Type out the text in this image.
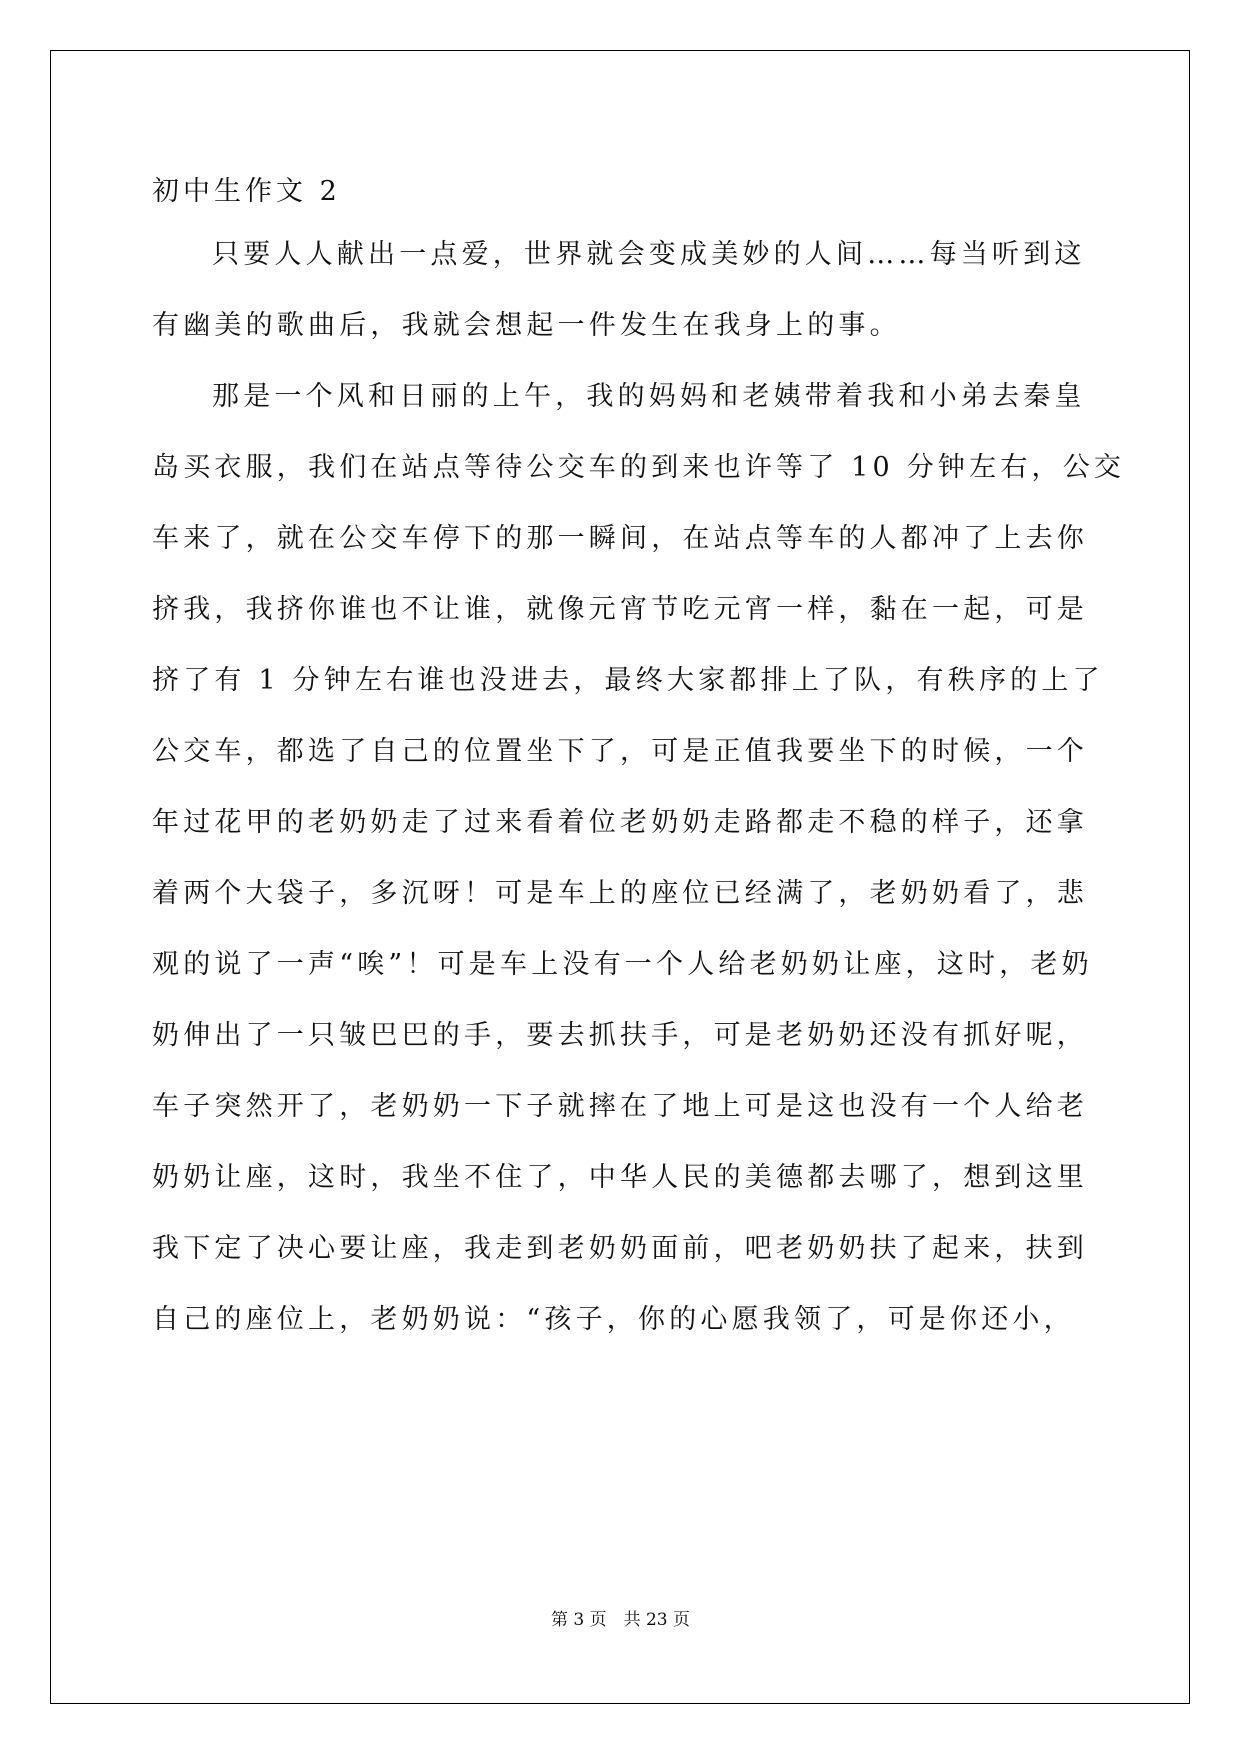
初中生作文 2
只要人人献出一点爱，世界就会变成美妙的人间……每当听到这
有幽美的歌曲后，我就会想起一件发生在我身上的事。
那是一个风和日丽的上午，我的妈妈和老姨带着我和小弟去秦皇
岛买衣服，我们在站点等待公交车的到来也许等了 10 分钟左右，公交
车来了，就在公交车停下的那一瞬间，在站点等车的人都冲了上去你
挤我，我挤你谁也不让谁，就像元宵节吃元宵一样，黏在一起，可是
挤了有 1 分钟左右谁也没进去，最终大家都排上了队，有秩序的上了
公交车，都选了自己的位置坐下了，可是正值我要坐下的时候，一个
年过花甲的老奶奶走了过来看着位老奶奶走路都走不稳的样子，还拿
着两个大袋子，多沉呀！可是车上的座位已经满了，老奶奶看了，悲
观的说了一声“唉”！可是车上没有一个人给老奶奶让座，这时，老奶
奶伸出了一只皱巴巴的手，要去抓扶手，可是老奶奶还没有抓好呢，
车子突然开了，老奶奶一下子就摔在了地上可是这也没有一个人给老
奶奶让座，这时，我坐不住了，中华人民的美德都去哪了，想到这里
我下定了决心要让座，我走到老奶奶面前，吧老奶奶扶了起来，扶到
自己的座位上，老奶奶说：“孩子，你的心愿我领了，可是你还小，
第 3 页　共 23 页
